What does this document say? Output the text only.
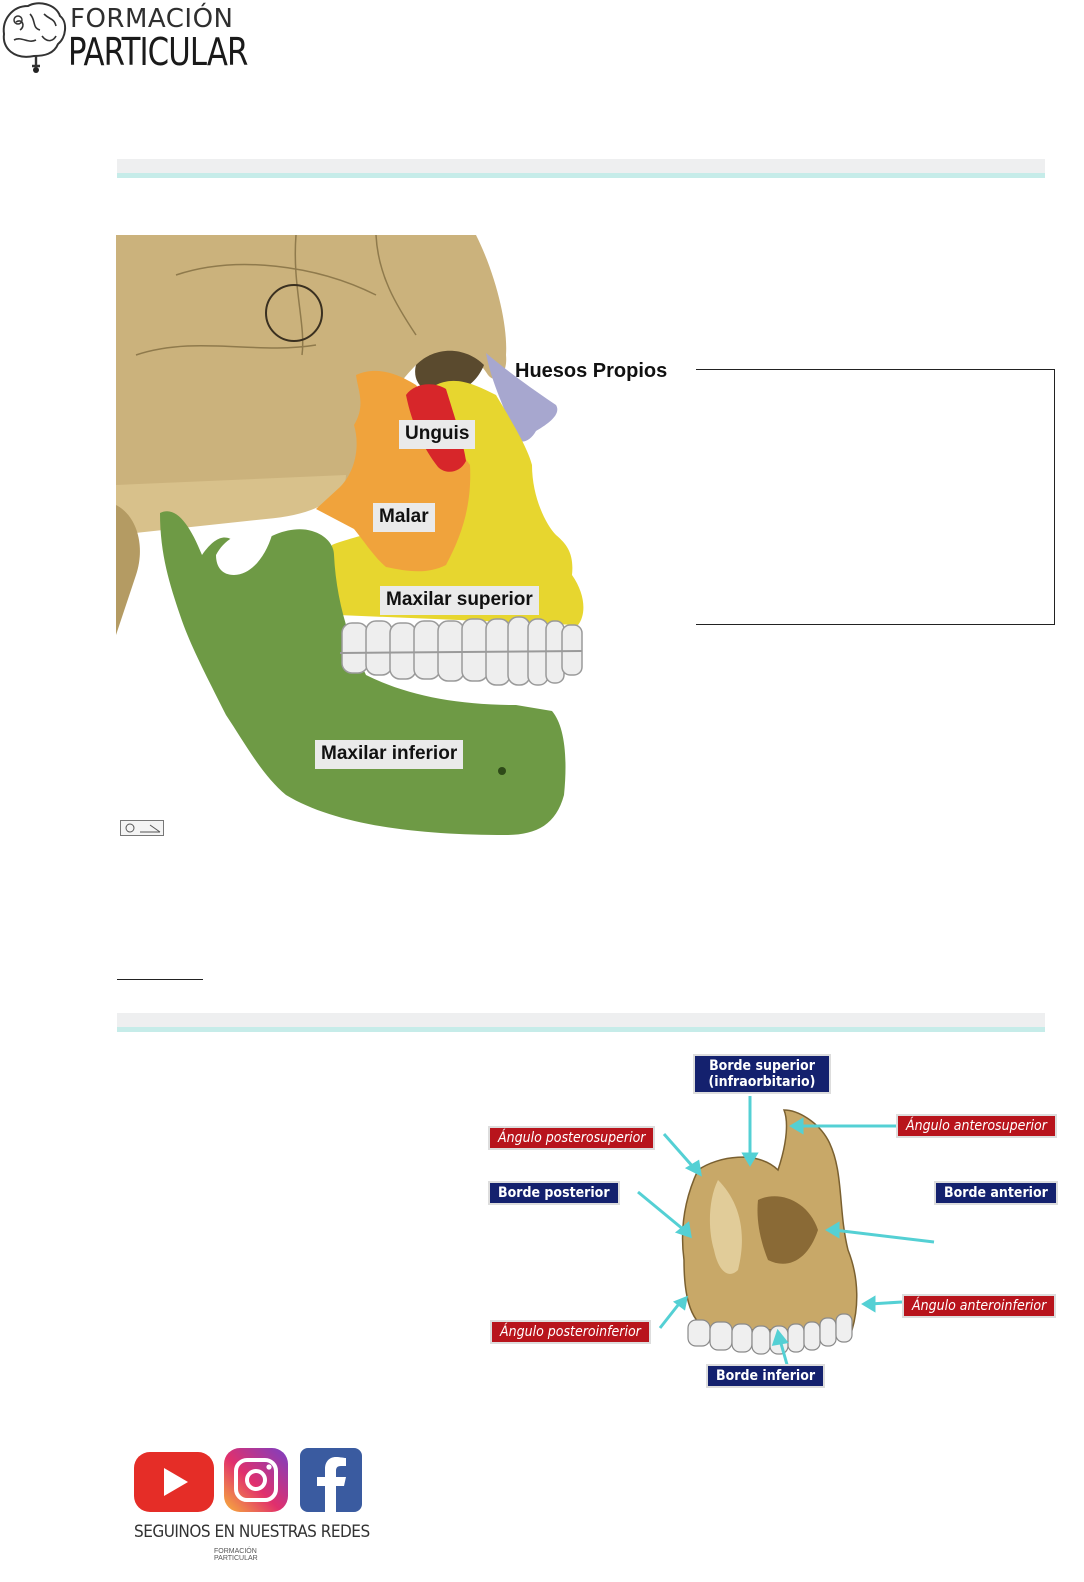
FORMACIÓN
PARTICULAR
Unguis
Malar
Maxilar superior
Maxilar inferior
Huesos Propios
Borde superior
(infraorbitario)
Ángulo posterosuperior
Ángulo anterosuperior
Borde posterior	Borde anterior
Ángulo anteroinferior
Ángulo posteroinferior
Borde inferior
SEGUINOS EN NUESTRAS REDES
FORMACIÓN
PARTICULAR
